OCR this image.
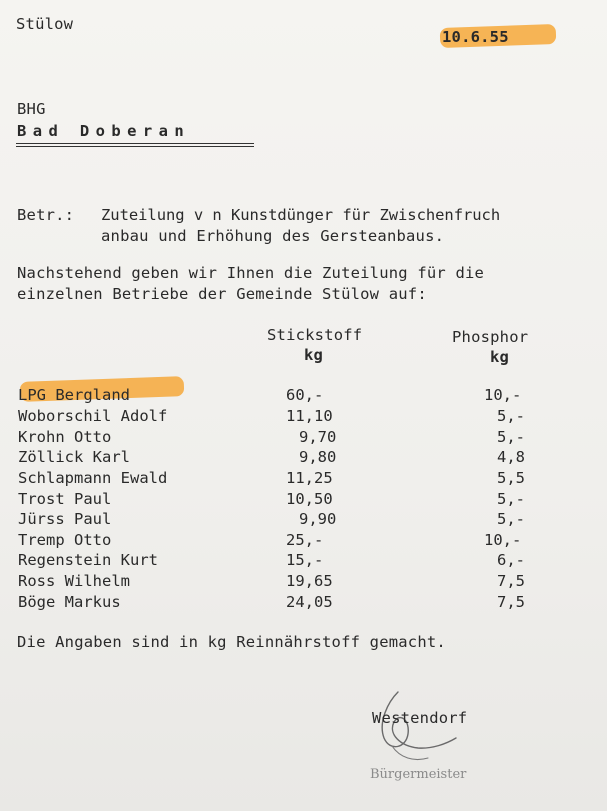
Stülow
10.6.55
BHG
Bad Doberan
Betr.: Zuteilung v n Kunstdünger für Zwischenfruch
anbau und Erhöhung des Gersteanbaus.
Nachstehend geben wir Ihnen die Zuteilung für die
einzelnen Betriebe der Gemeinde Stülow auf:
Stickstoff
kg
Phosphor
kg
LPG Bergland	60,-	10,-
Woborschil Adolf	11,10	5,-
Krohn Otto	9,70	5,-
Zöllick Karl	9,80	4,8
Schlapmann Ewald	11,25	5,5
Trost Paul	10,50	5,-
Jürss Paul	9,90	5,-
Tremp Otto	25,-	10,-
Regenstein Kurt	15,-	6,-
Ross Wilhelm	19,65	7,5
Böge Markus	24,05	7,5
Die Angaben sind in kg Reinnährstoff gemacht.
Westendorf
Bürgermeister
